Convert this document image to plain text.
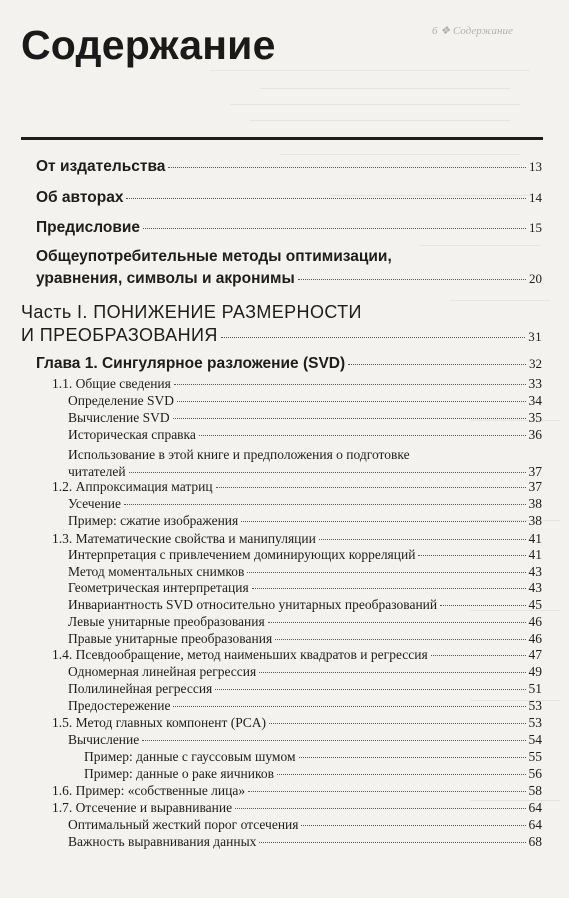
6 ❖ Содержание
Содержание
От издательства	13
Об авторах	14
Предисловие	15
Общеупотребительные методы оптимизации,
уравнения, символы и акронимы	20
Часть I. ПОНИЖЕНИЕ РАЗМЕРНОСТИ
И ПРЕОБРАЗОВАНИЯ	31
Глава 1. Сингулярное разложение (SVD)	32
1.1. Общие сведения	33
Определение SVD	34
Вычисление SVD	35
Историческая справка	36
Использование в этой книге и предположения о подготовке
читателей	37
1.2. Аппроксимация матриц	37
Усечение	38
Пример: сжатие изображения	38
1.3. Математические свойства и манипуляции	41
Интерпретация с привлечением доминирующих корреляций	41
Метод моментальных снимков	43
Геометрическая интерпретация	43
Инвариантность SVD относительно унитарных преобразований	45
Левые унитарные преобразования	46
Правые унитарные преобразования	46
1.4. Псевдообращение, метод наименьших квадратов и регрессия	47
Одномерная линейная регрессия	49
Полилинейная регрессия	51
Предостережение	53
1.5. Метод главных компонент (PCA)	53
Вычисление	54
Пример: данные с гауссовым шумом	55
Пример: данные о раке яичников	56
1.6. Пример: «собственные лица»	58
1.7. Отсечение и выравнивание	64
Оптимальный жесткий порог отсечения	64
Важность выравнивания данных	68
